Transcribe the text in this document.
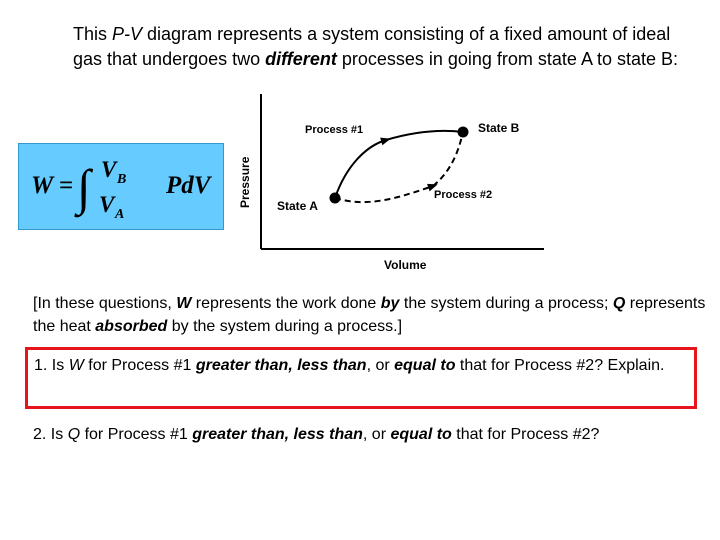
This P-V diagram represents a system consisting of a fixed amount of ideal gas that undergoes two different processes in going from state A to state B:
W = ∫ V B
V A
PdV Pressure
Volume
State A
State B
Process #1
Process #2
[In these questions, W represents the work done by the system during a process; Q represents the heat absorbed by the system during a process.]
1. Is W for Process #1 greater than, less than, or equal to that for Process #2? Explain.
2. Is Q for Process #1 greater than, less than, or equal to that for Process #2?
